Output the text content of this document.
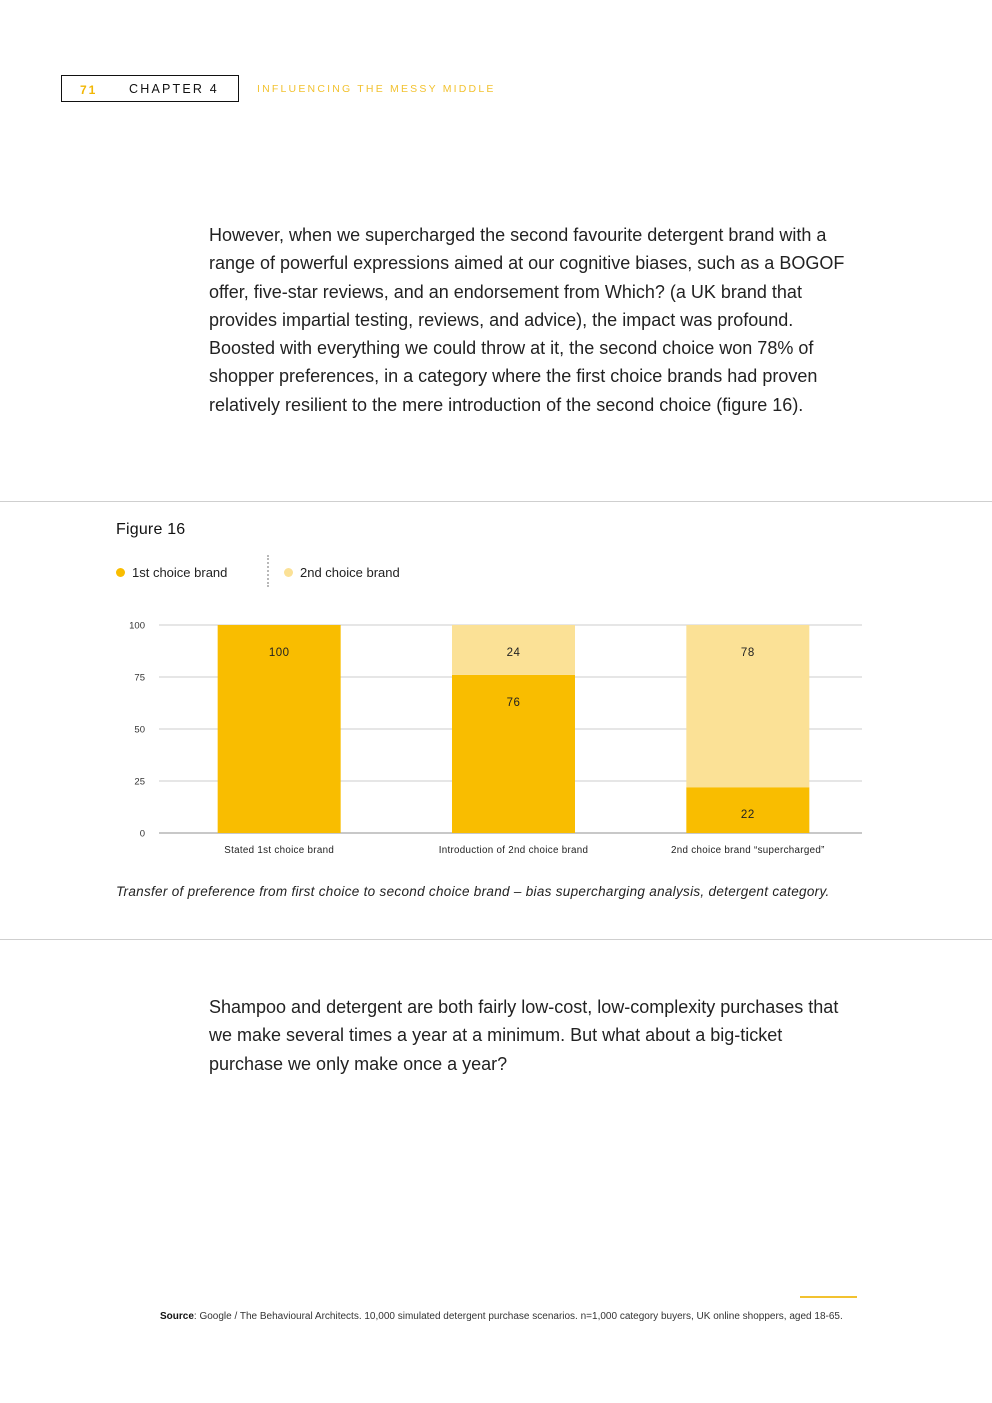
71	CHAPTER 4	INFLUENCING THE MESSY MIDDLE

However, when we supercharged the second favourite detergent brand with a range of powerful expressions aimed at our cognitive biases, such as a BOGOF offer, five-star reviews, and an endorsement from Which? (a UK brand that provides impartial testing, reviews, and advice), the impact was profound. Boosted with everything we could throw at it, the second choice won 78% of shopper preferences, in a category where the first choice brands had proven relatively resilient to the mere introduction of the second choice (figure 16).

Figure 16
1st choice brand	2nd choice brand
0
25
50
75
100
100
Stated 1st choice brand
76
24
Introduction of 2nd choice brand
22
78
2nd choice brand “supercharged”
Transfer of preference from first choice to second choice brand – bias supercharging analysis, detergent category.

Shampoo and detergent are both fairly low-cost, low-complexity purchases that we make several times a year at a minimum. But what about a big-ticket purchase we only make once a year?

Source: Google / The Behavioural Architects. 10,000 simulated detergent purchase scenarios. n=1,000 category buyers, UK online shoppers, aged 18-65.
